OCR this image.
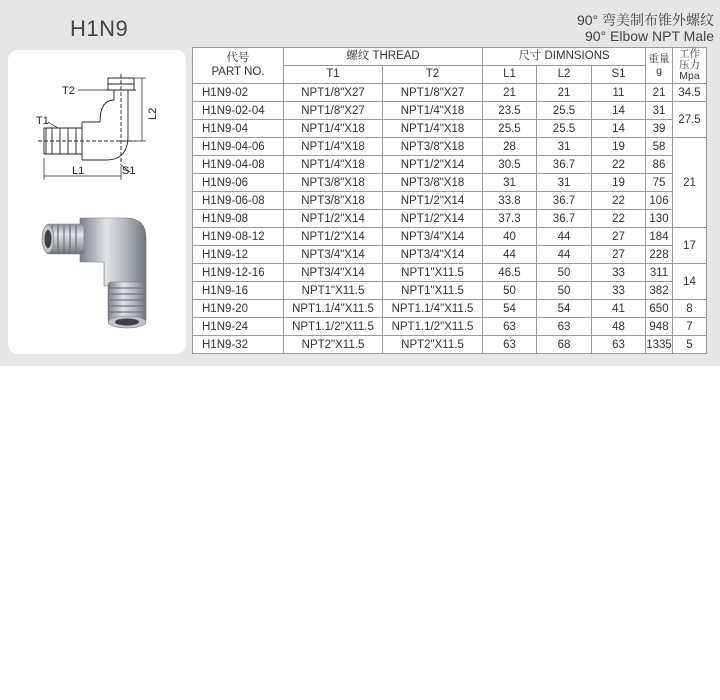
H1N9	90° 弯美制布锥外螺纹
90° Elbow NPT Male
T2
T1
L1
L2
S1
代号
PART NO.	螺纹 THREAD		尺寸 DIMNSIONS			重量
g	工作
压力
Mpa
	T1	T2	L1	L2	S1		
H1N9-02	NPT1/8"X27	NPT1/8"X27	21	21	11	21	34.5
H1N9-02-04	NPT1/8"X27	NPT1/4"X18	23.5	25.5	14	31	27.5
H1N9-04	NPT1/4"X18	NPT1/4"X18	25.5	25.5	14	39	
H1N9-04-06	NPT1/4"X18	NPT3/8"X18	28	31	19	58	21
H1N9-04-08	NPT1/4"X18	NPT1/2"X14	30.5	36.7	22	86	
H1N9-06	NPT3/8"X18	NPT3/8"X18	31	31	19	75	
H1N9-06-08	NPT3/8"X18	NPT1/2"X14	33.8	36.7	22	106	
H1N9-08	NPT1/2"X14	NPT1/2"X14	37.3	36.7	22	130	
H1N9-08-12	NPT1/2"X14	NPT3/4"X14	40	44	27	184	17
H1N9-12	NPT3/4"X14	NPT3/4"X14	44	44	27	228	
H1N9-12-16	NPT3/4"X14	NPT1"X11.5	46.5	50	33	311	14
H1N9-16	NPT1"X11.5	NPT1"X11.5	50	50	33	382	
H1N9-20	NPT1.1/4"X11.5	NPT1.1/4"X11.5	54	54	41	650	8
H1N9-24	NPT1.1/2"X11.5	NPT1.1/2"X11.5	63	63	48	948	7
H1N9-32	NPT2"X11.5	NPT2"X11.5	63	68	63	1335	5
